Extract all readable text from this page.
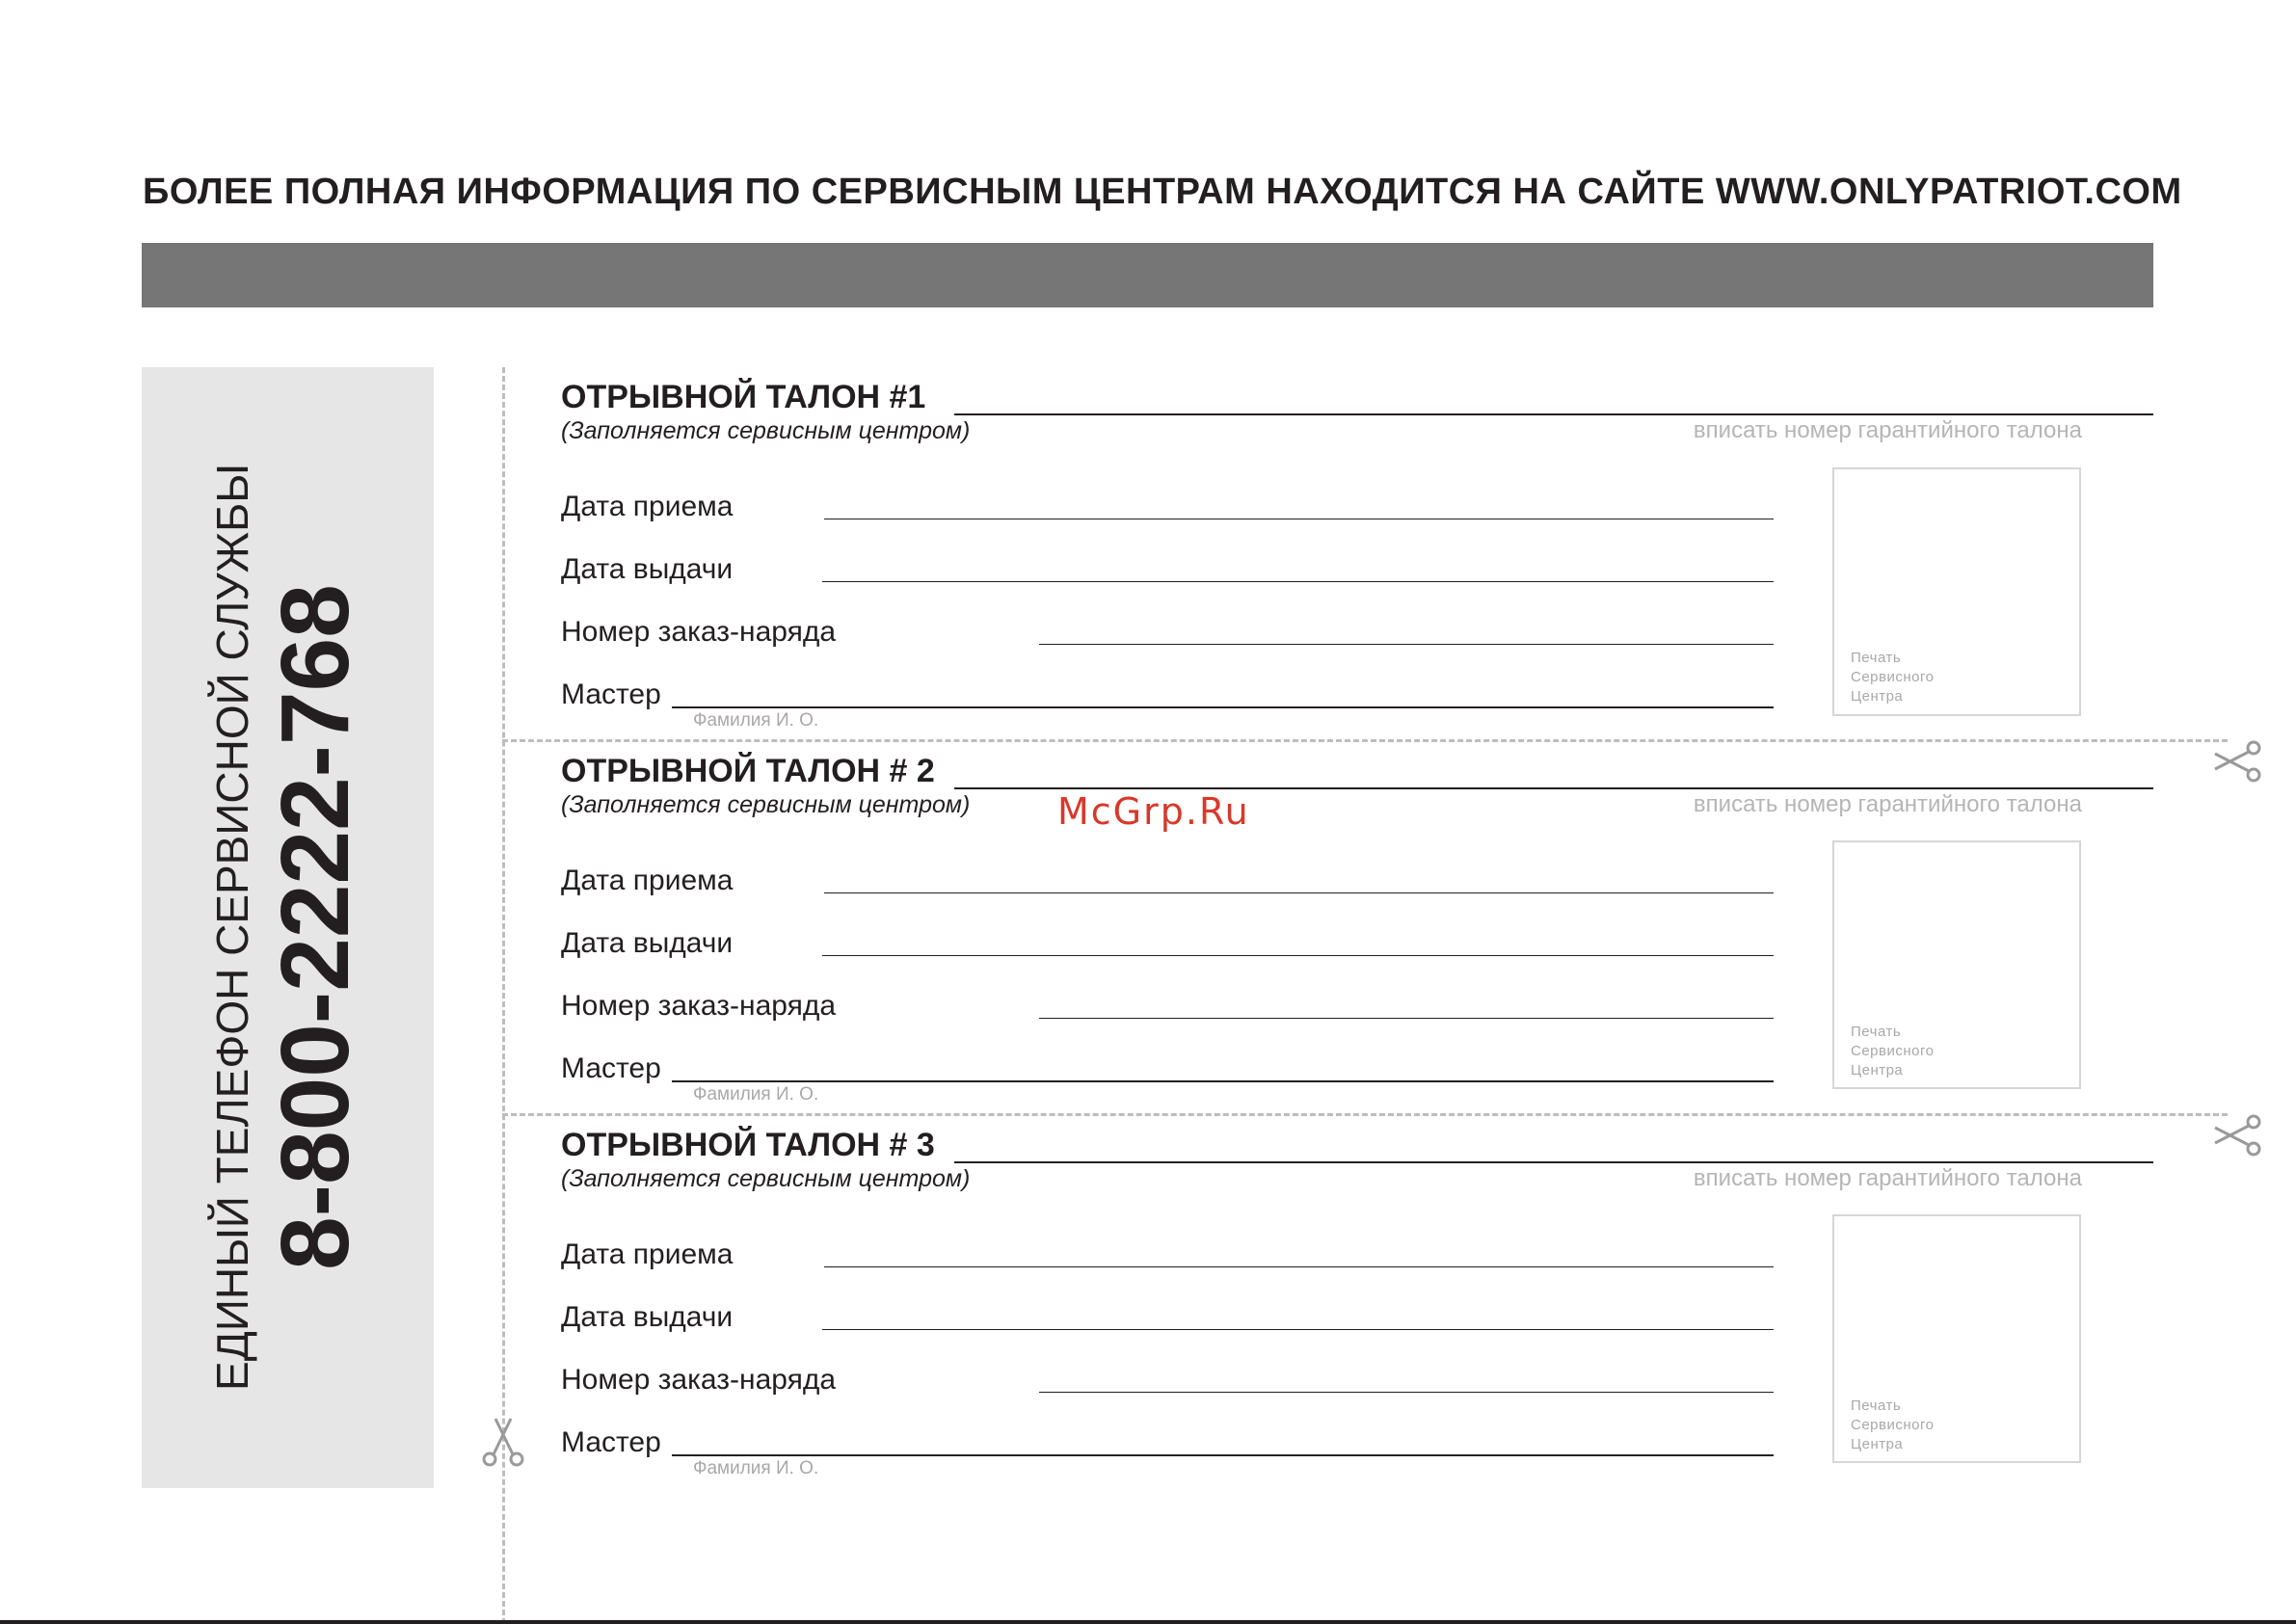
БОЛЕЕ ПОЛНАЯ ИНФОРМАЦИЯ ПО СЕРВИСНЫМ ЦЕНТРАМ НАХОДИТСЯ НА САЙТЕ WWW.ONLYPATRIOT.COM
ЕДИНЫЙ ТЕЛЕФОН СЕРВИСНОЙ СЛУЖБЫ 8-800-2222-768
ОТРЫВНОЙ ТАЛОН #1
(Заполняется сервисным центром)	вписать номер гарантийного талона
Дата приема
Дата выдачи
Номер заказ-наряда
Мастер
Фамилия И. О.
Печать
Сервисного
Центра
ОТРЫВНОЙ ТАЛОН # 2
(Заполняется сервисным центром)	вписать номер гарантийного талона
McGrp.Ru
Дата приема
Дата выдачи
Номер заказ-наряда
Мастер
Фамилия И. О.
Печать
Сервисного
Центра
ОТРЫВНОЙ ТАЛОН # 3
(Заполняется сервисным центром)	вписать номер гарантийного талона
Дата приема
Дата выдачи
Номер заказ-наряда
Мастер
Фамилия И. О.
Печать
Сервисного
Центра
